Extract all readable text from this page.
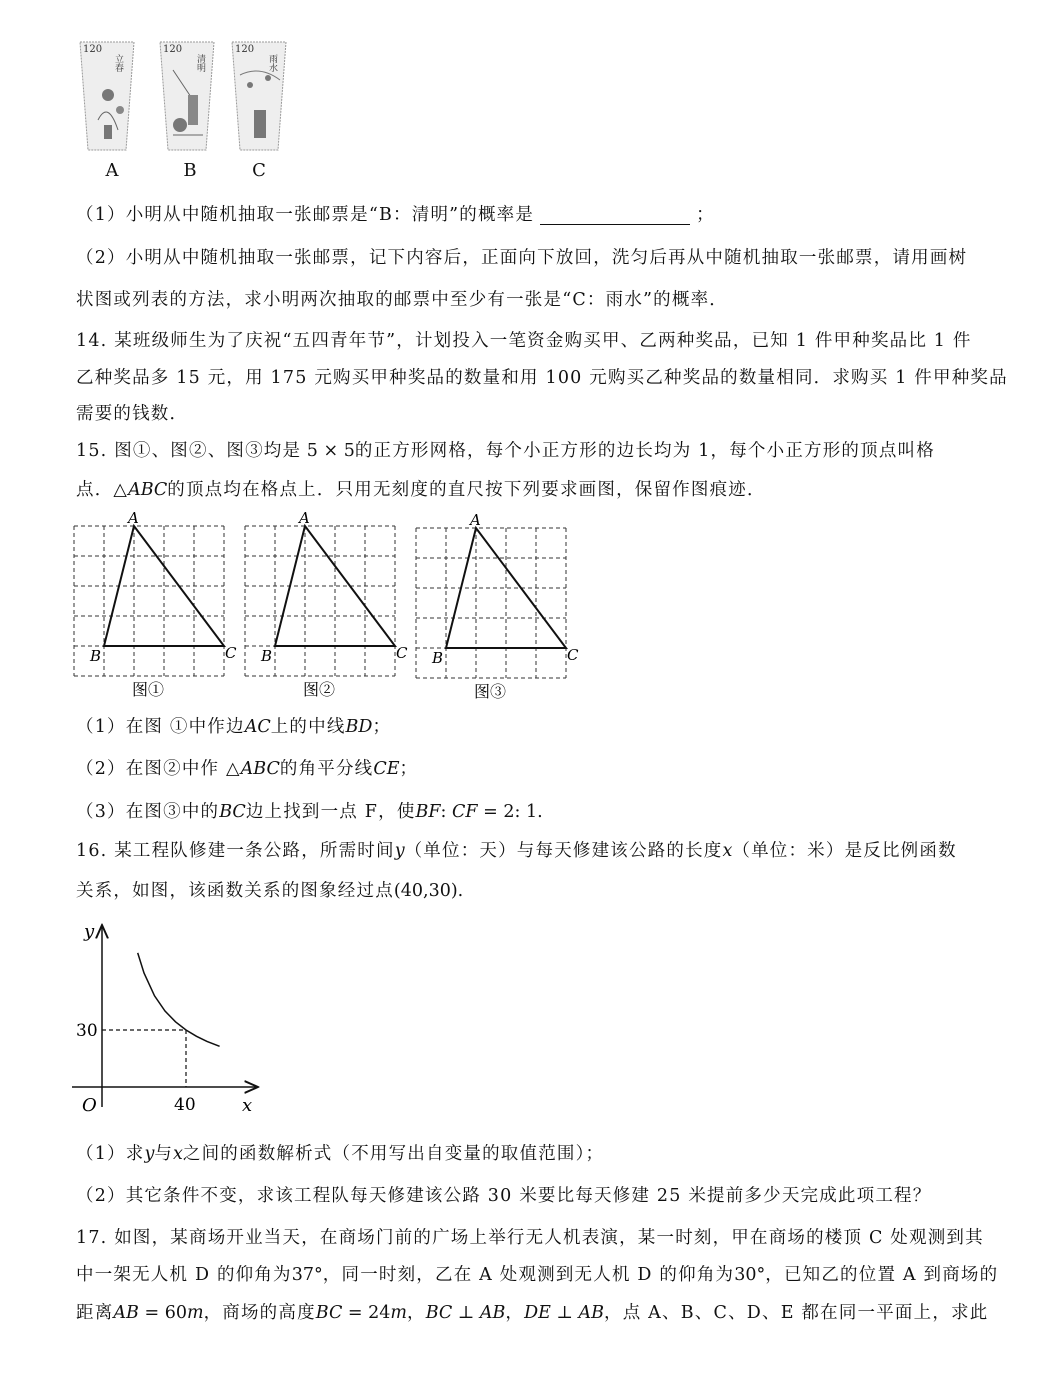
120
立春
120
清明
120
雨水
A	B	C
（1）小明从中随机抽取一张邮票是“B：清明”的概率是	；
（2）小明从中随机抽取一张邮票，记下内容后，正面向下放回，洗匀后再从中随机抽取一张邮票，请用画树
状图或列表的方法，求小明两次抽取的邮票中至少有一张是“C：雨水”的概率．
14. 某班级师生为了庆祝“五四青年节”，计划投入一笔资金购买甲、乙两种奖品，已知 1 件甲种奖品比 1 件
乙种奖品多 15 元，用 175 元购买甲种奖品的数量和用 100 元购买乙种奖品的数量相同．求购买 1 件甲种奖品
需要的钱数．
15. 图①、图②、图③均是 5 × 5的正方形网格，每个小正方形的边长均为 1，每个小正方形的顶点叫格
点．△ABC的顶点均在格点上．只用无刻度的直尺按下列要求画图，保留作图痕迹．
A
B	C
图①
A
B	C
图②
A
B	C
图③
（1）在图 ①中作边AC上的中线BD；
（2）在图②中作 △ABC的角平分线CE；
（3）在图③中的BC边上找到一点 F，使BF: CF = 2: 1.
16. 某工程队修建一条公路，所需时间y（单位：天）与每天修建该公路的长度x（单位：米）是反比例函数
关系，如图，该函数关系的图象经过点(40,30).
y
x
O
30
40
（1）求y与x之间的函数解析式（不用写出自变量的取值范围）；
（2）其它条件不变，求该工程队每天修建该公路 30 米要比每天修建 25 米提前多少天完成此项工程？
17. 如图，某商场开业当天，在商场门前的广场上举行无人机表演，某一时刻，甲在商场的楼顶 C 处观测到其
中一架无人机 D 的仰角为37°，同一时刻，乙在 A 处观测到无人机 D 的仰角为30°，已知乙的位置 A 到商场的
距离AB = 60m，商场的高度BC = 24m，BC ⊥ AB，DE ⊥ AB，点 A、B、C、D、E 都在同一平面上，求此
